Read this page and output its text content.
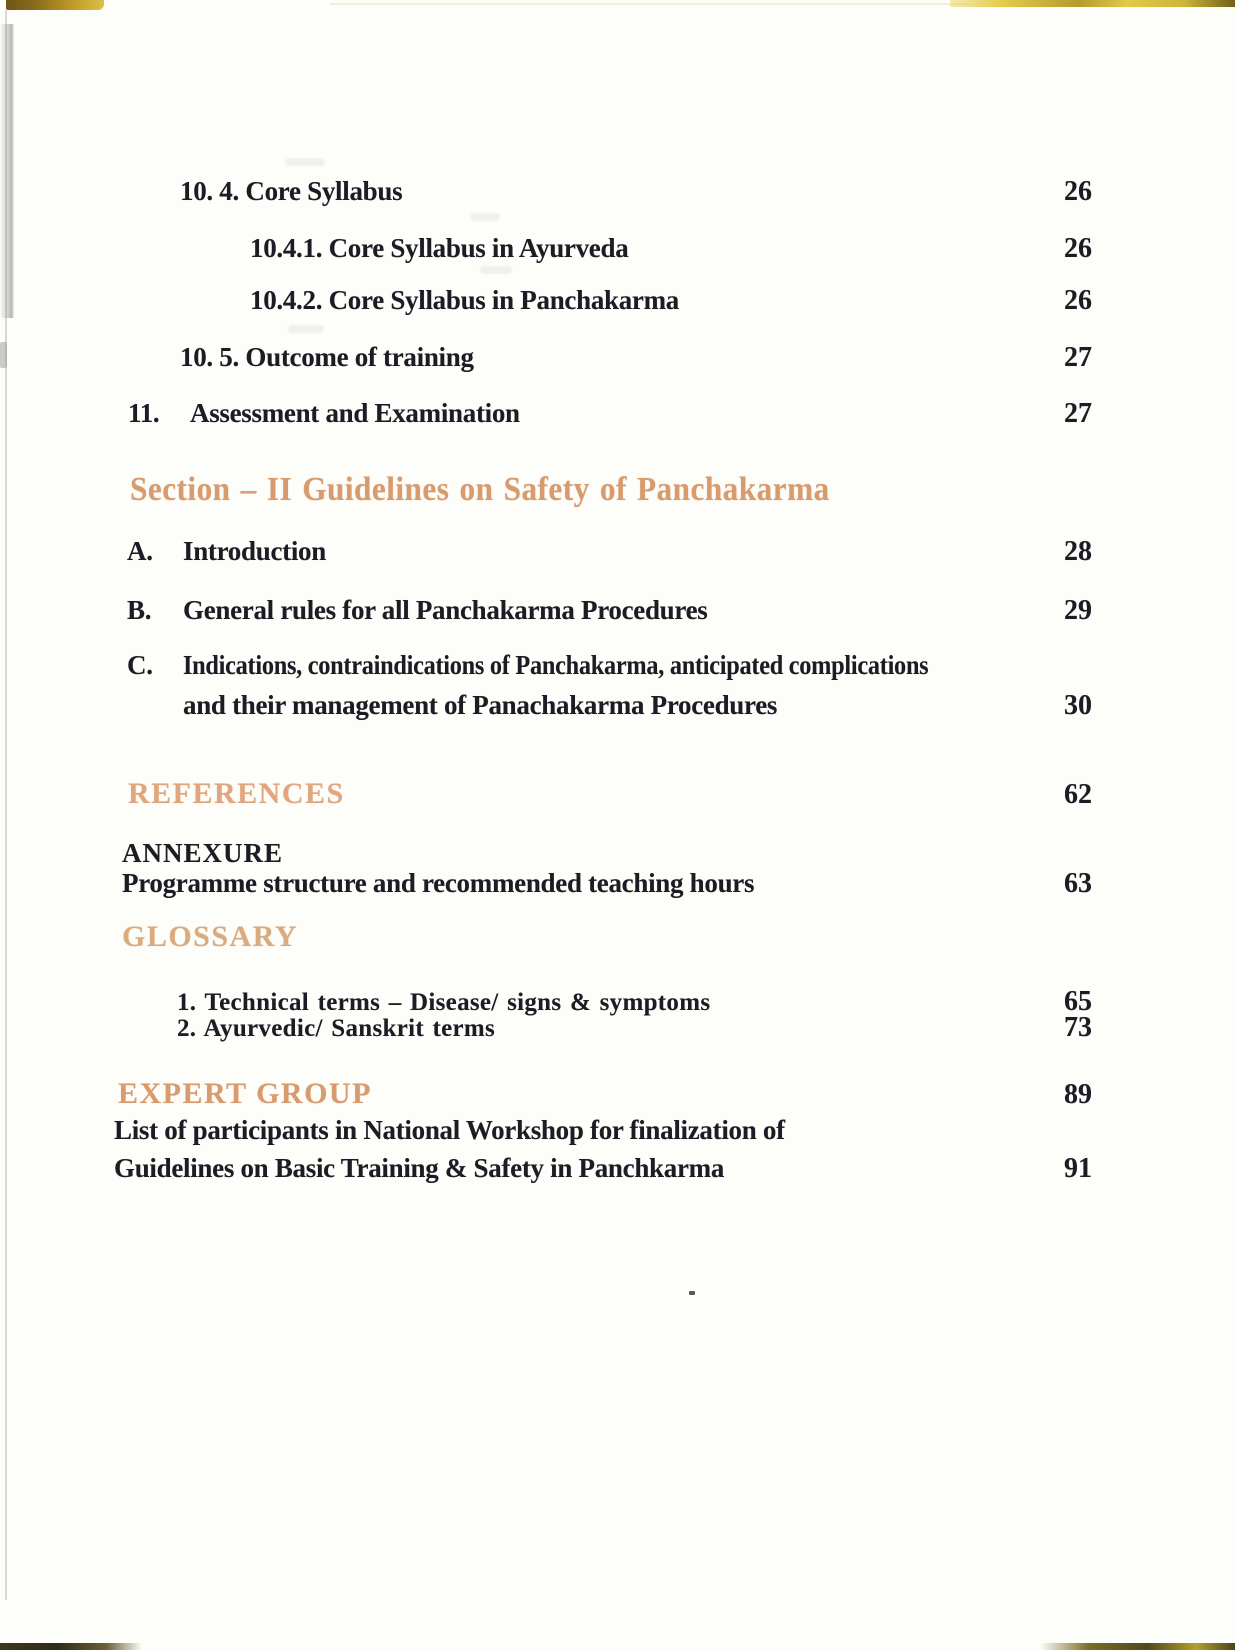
10. 4. Core Syllabus	26
10.4.1. Core Syllabus in Ayurveda	26
10.4.2. Core Syllabus in Panchakarma	26
10. 5. Outcome of training	27
11.	Assessment and Examination	27
Section – II Guidelines on Safety of Panchakarma
A.	Introduction	28
B.	General rules for all Panchakarma Procedures	29
C.	Indications, contraindications of Panchakarma, anticipated complications
and their management of Panachakarma Procedures	30
REFERENCES	62
ANNEXURE
Programme structure and recommended teaching hours	63
GLOSSARY
1. Technical terms – Disease/ signs & symptoms	65
2. Ayurvedic/ Sanskrit terms	73
EXPERT GROUP	89
List of participants in National Workshop for finalization of
Guidelines on Basic Training & Safety in Panchkarma	91
